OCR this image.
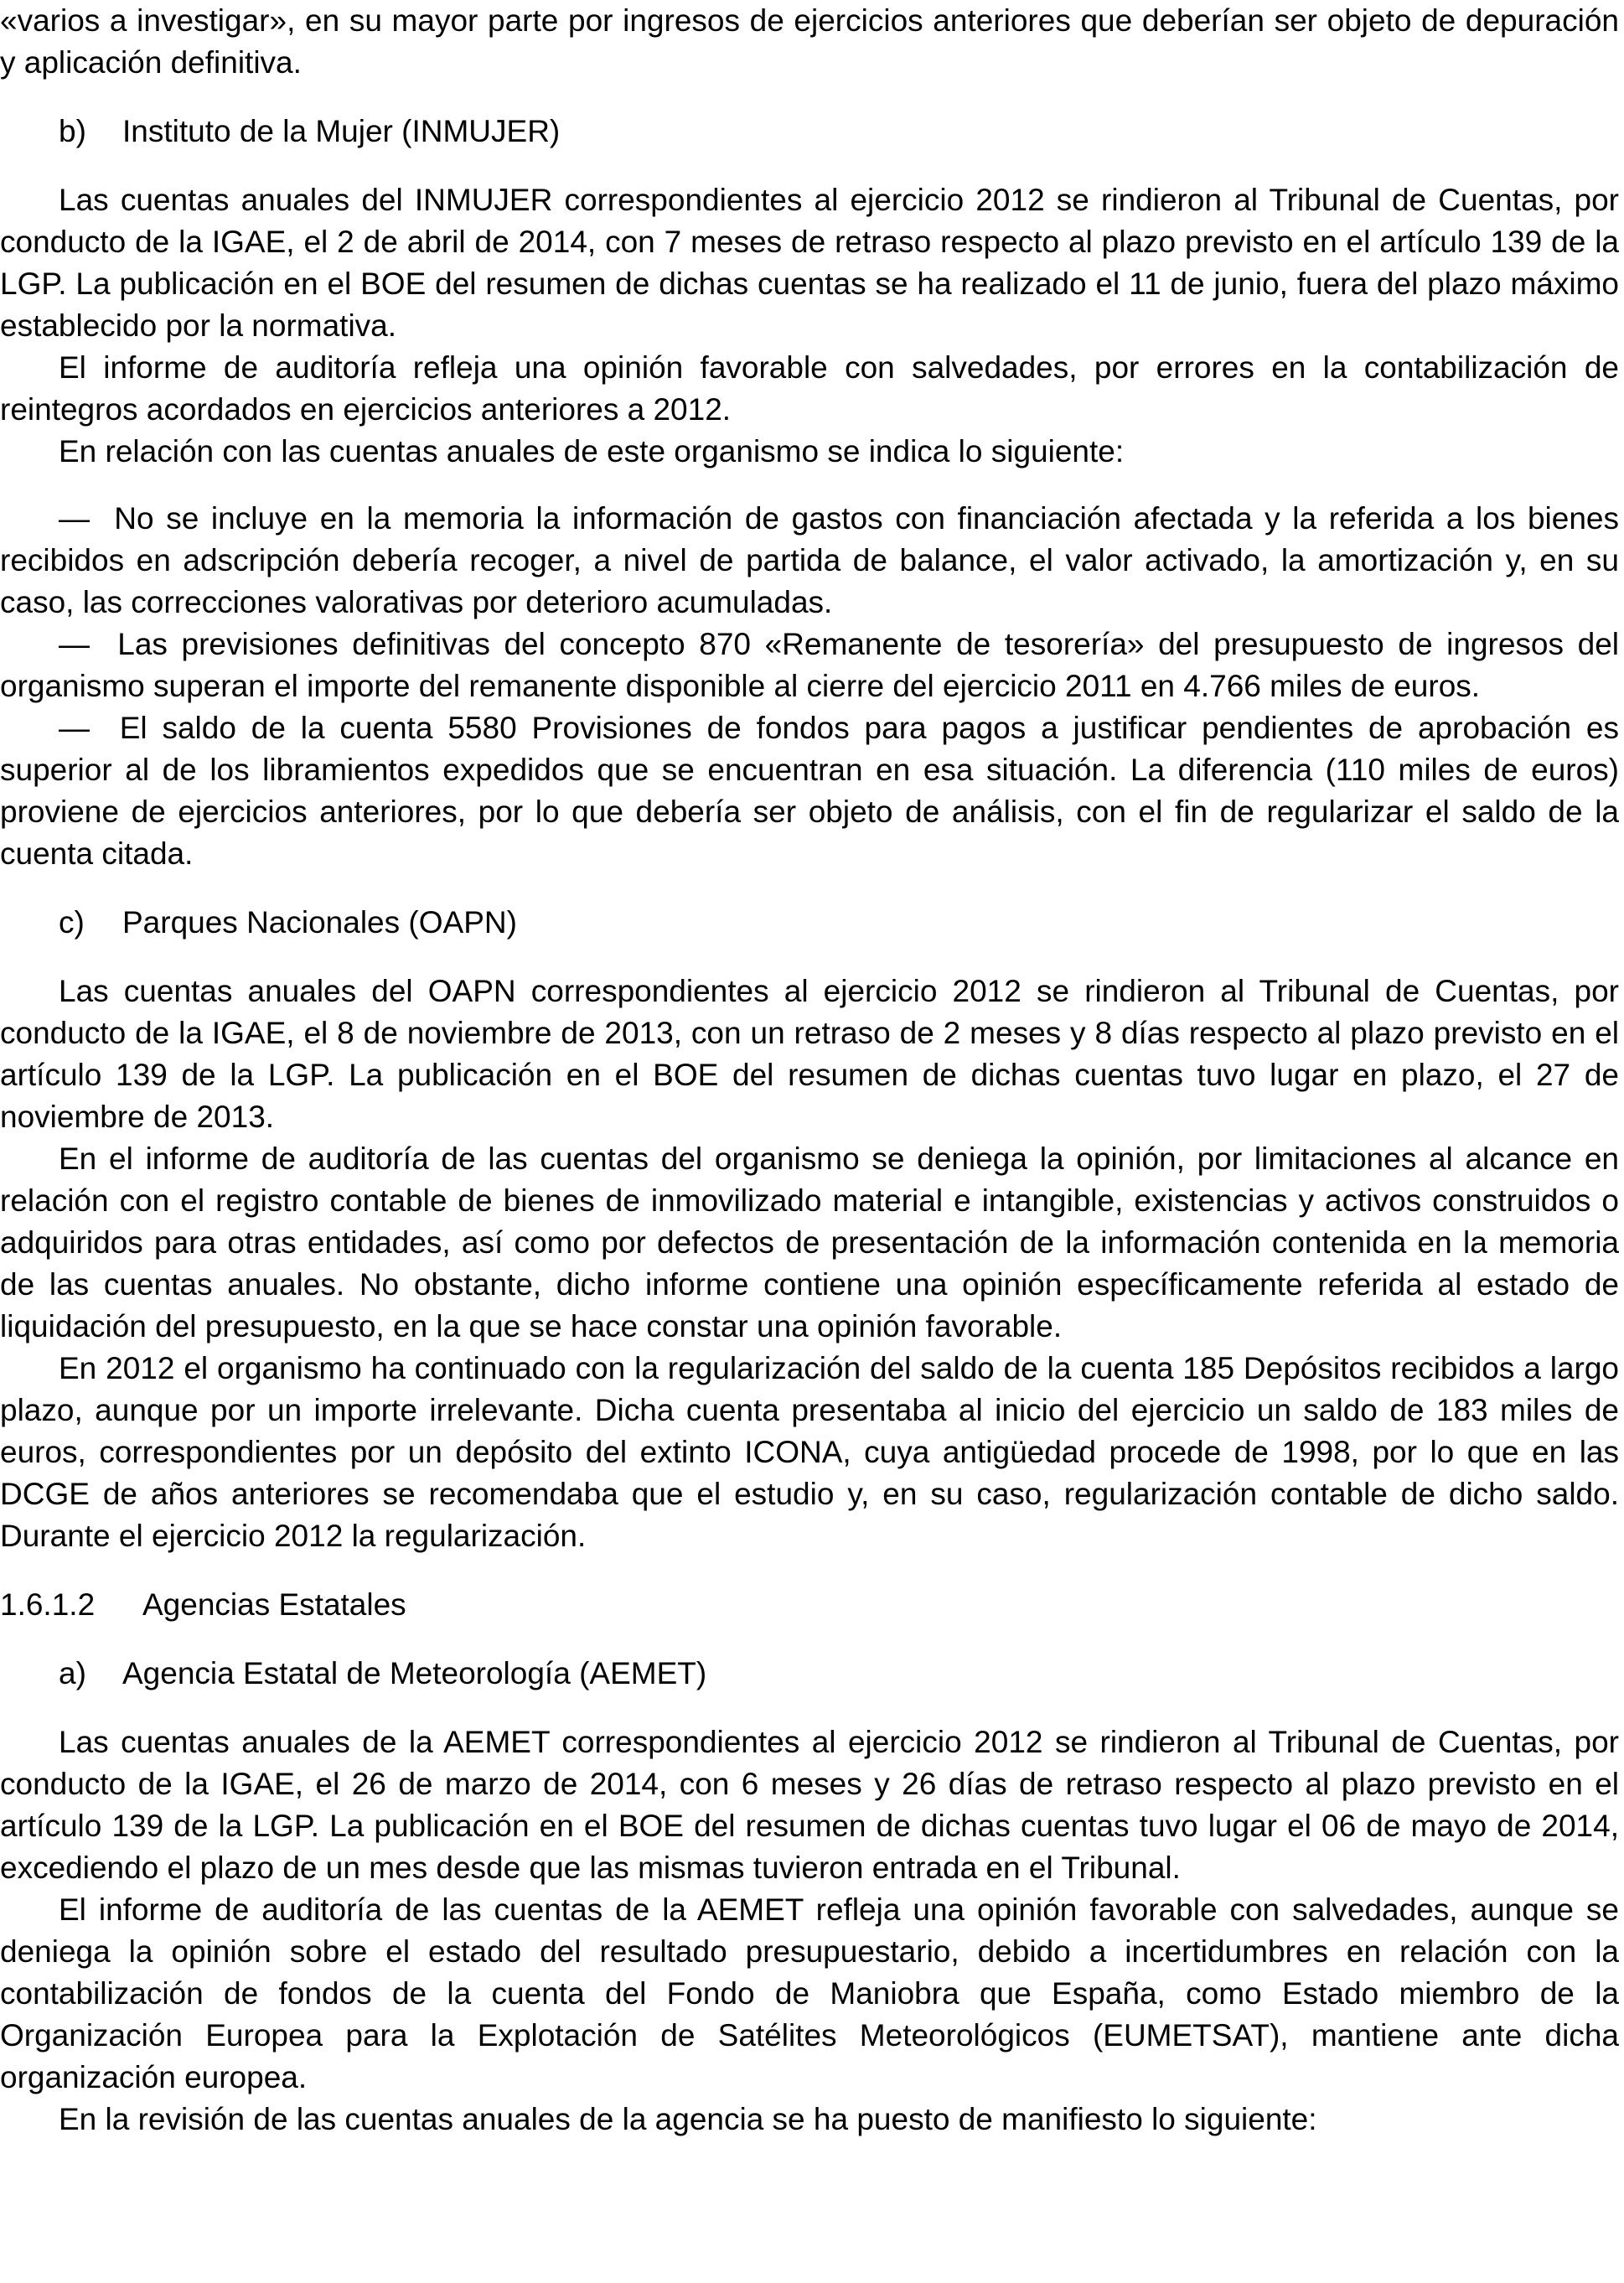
«varios a investigar», en su mayor parte por ingresos de ejercicios anteriores que deberían ser objeto de depuración y aplicación definitiva.

b) Instituto de la Mujer (INMUJER)

Las cuentas anuales del INMUJER correspondientes al ejercicio 2012 se rindieron al Tribunal de Cuentas, por conducto de la IGAE, el 2 de abril de 2014, con 7 meses de retraso respecto al plazo previsto en el artículo 139 de la LGP. La publicación en el BOE del resumen de dichas cuentas se ha realizado el 11 de junio, fuera del plazo máximo establecido por la normativa.

El informe de auditoría refleja una opinión favorable con salvedades, por errores en la contabilización de reintegros acordados en ejercicios anteriores a 2012.

En relación con las cuentas anuales de este organismo se indica lo siguiente:

— No se incluye en la memoria la información de gastos con financiación afectada y la referida a los bienes recibidos en adscripción debería recoger, a nivel de partida de balance, el valor activado, la amortización y, en su caso, las correcciones valorativas por deterioro acumuladas.

— Las previsiones definitivas del concepto 870 «Remanente de tesorería» del presupuesto de ingresos del organismo superan el importe del remanente disponible al cierre del ejercicio 2011 en 4.766 miles de euros.

— El saldo de la cuenta 5580 Provisiones de fondos para pagos a justificar pendientes de aprobación es superior al de los libramientos expedidos que se encuentran en esa situación. La diferencia (110 miles de euros) proviene de ejercicios anteriores, por lo que debería ser objeto de análisis, con el fin de regularizar el saldo de la cuenta citada.

c) Parques Nacionales (OAPN)

Las cuentas anuales del OAPN correspondientes al ejercicio 2012 se rindieron al Tribunal de Cuentas, por conducto de la IGAE, el 8 de noviembre de 2013, con un retraso de 2 meses y 8 días respecto al plazo previsto en el artículo 139 de la LGP. La publicación en el BOE del resumen de dichas cuentas tuvo lugar en plazo, el 27 de noviembre de 2013.

En el informe de auditoría de las cuentas del organismo se deniega la opinión, por limitaciones al alcance en relación con el registro contable de bienes de inmovilizado material e intangible, existencias y activos construidos o adquiridos para otras entidades, así como por defectos de presentación de la información contenida en la memoria de las cuentas anuales. No obstante, dicho informe contiene una opinión específicamente referida al estado de liquidación del presupuesto, en la que se hace constar una opinión favorable.

En 2012 el organismo ha continuado con la regularización del saldo de la cuenta 185 Depósitos recibidos a largo plazo, aunque por un importe irrelevante. Dicha cuenta presentaba al inicio del ejercicio un saldo de 183 miles de euros, correspondientes por un depósito del extinto ICONA, cuya antigüedad procede de 1998, por lo que en las DCGE de años anteriores se recomendaba que el estudio y, en su caso, regularización contable de dicho saldo. Durante el ejercicio 2012 la regularización.

1.6.1.2 Agencias Estatales

a) Agencia Estatal de Meteorología (AEMET)

Las cuentas anuales de la AEMET correspondientes al ejercicio 2012 se rindieron al Tribunal de Cuentas, por conducto de la IGAE, el 26 de marzo de 2014, con 6 meses y 26 días de retraso respecto al plazo previsto en el artículo 139 de la LGP. La publicación en el BOE del resumen de dichas cuentas tuvo lugar el 06 de mayo de 2014, excediendo el plazo de un mes desde que las mismas tuvieron entrada en el Tribunal.

El informe de auditoría de las cuentas de la AEMET refleja una opinión favorable con salvedades, aunque se deniega la opinión sobre el estado del resultado presupuestario, debido a incertidumbres en relación con la contabilización de fondos de la cuenta del Fondo de Maniobra que España, como Estado miembro de la Organización Europea para la Explotación de Satélites Meteorológicos (EUMETSAT), mantiene ante dicha organización europea.

En la revisión de las cuentas anuales de la agencia se ha puesto de manifiesto lo siguiente:
